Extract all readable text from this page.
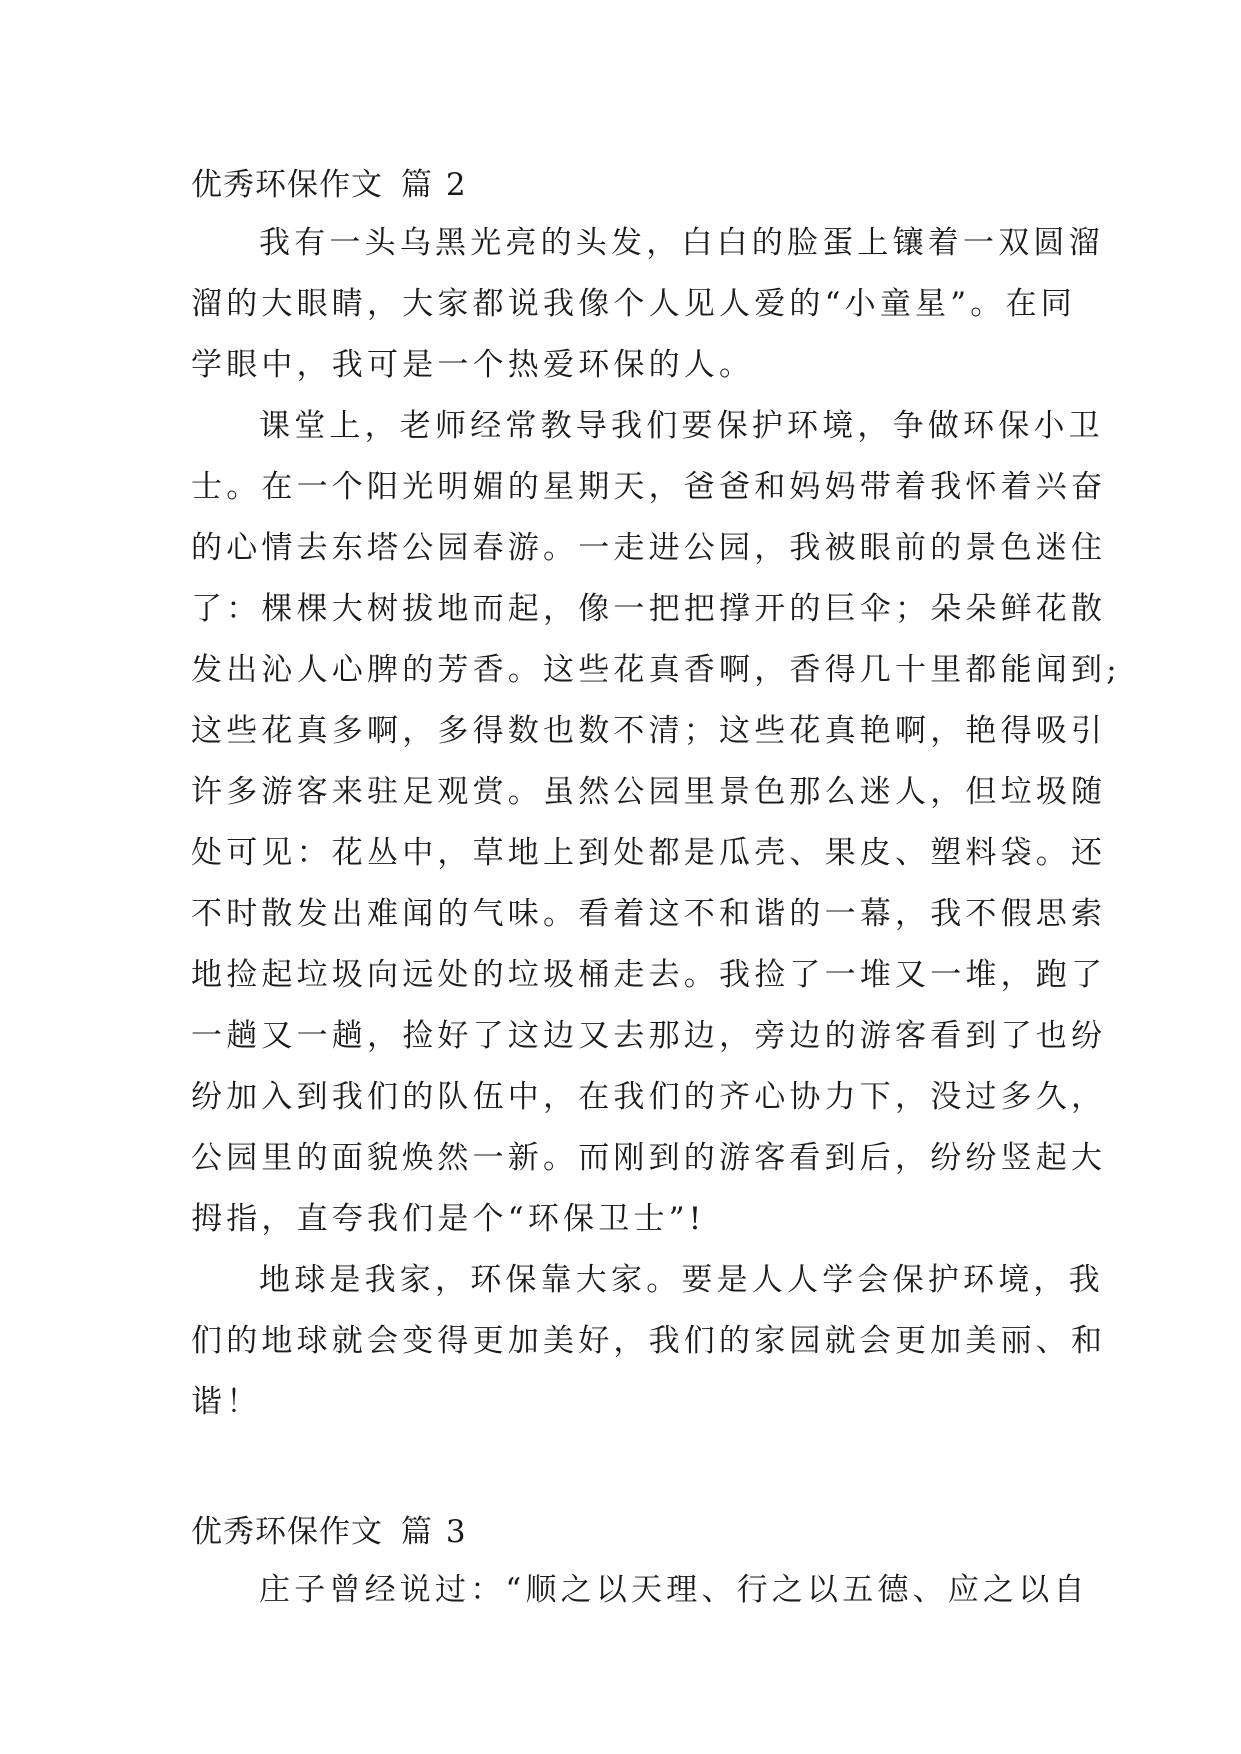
优秀环保作文 篇 2

我有一头乌黑光亮的头发，白白的脸蛋上镶着一双圆溜
溜的大眼睛，大家都说我像个人见人爱的“小童星”。在同
学眼中，我可是一个热爱环保的人。

课堂上，老师经常教导我们要保护环境，争做环保小卫
士。在一个阳光明媚的星期天，爸爸和妈妈带着我怀着兴奋
的心情去东塔公园春游。一走进公园，我被眼前的景色迷住
了：棵棵大树拔地而起，像一把把撑开的巨伞；朵朵鲜花散
发出沁人心脾的芳香。这些花真香啊，香得几十里都能闻到;
这些花真多啊，多得数也数不清；这些花真艳啊，艳得吸引
许多游客来驻足观赏。虽然公园里景色那么迷人，但垃圾随
处可见：花丛中，草地上到处都是瓜壳、果皮、塑料袋。还
不时散发出难闻的气味。看着这不和谐的一幕，我不假思索
地捡起垃圾向远处的垃圾桶走去。我捡了一堆又一堆，跑了
一趟又一趟，捡好了这边又去那边，旁边的游客看到了也纷
纷加入到我们的队伍中，在我们的齐心协力下，没过多久，
公园里的面貌焕然一新。而刚到的游客看到后，纷纷竖起大
拇指，直夸我们是个“环保卫士”!

地球是我家，环保靠大家。要是人人学会保护环境，我
们的地球就会变得更加美好，我们的家园就会更加美丽、和
谐！

优秀环保作文 篇 3

庄子曾经说过：“顺之以天理、行之以五德、应之以自
